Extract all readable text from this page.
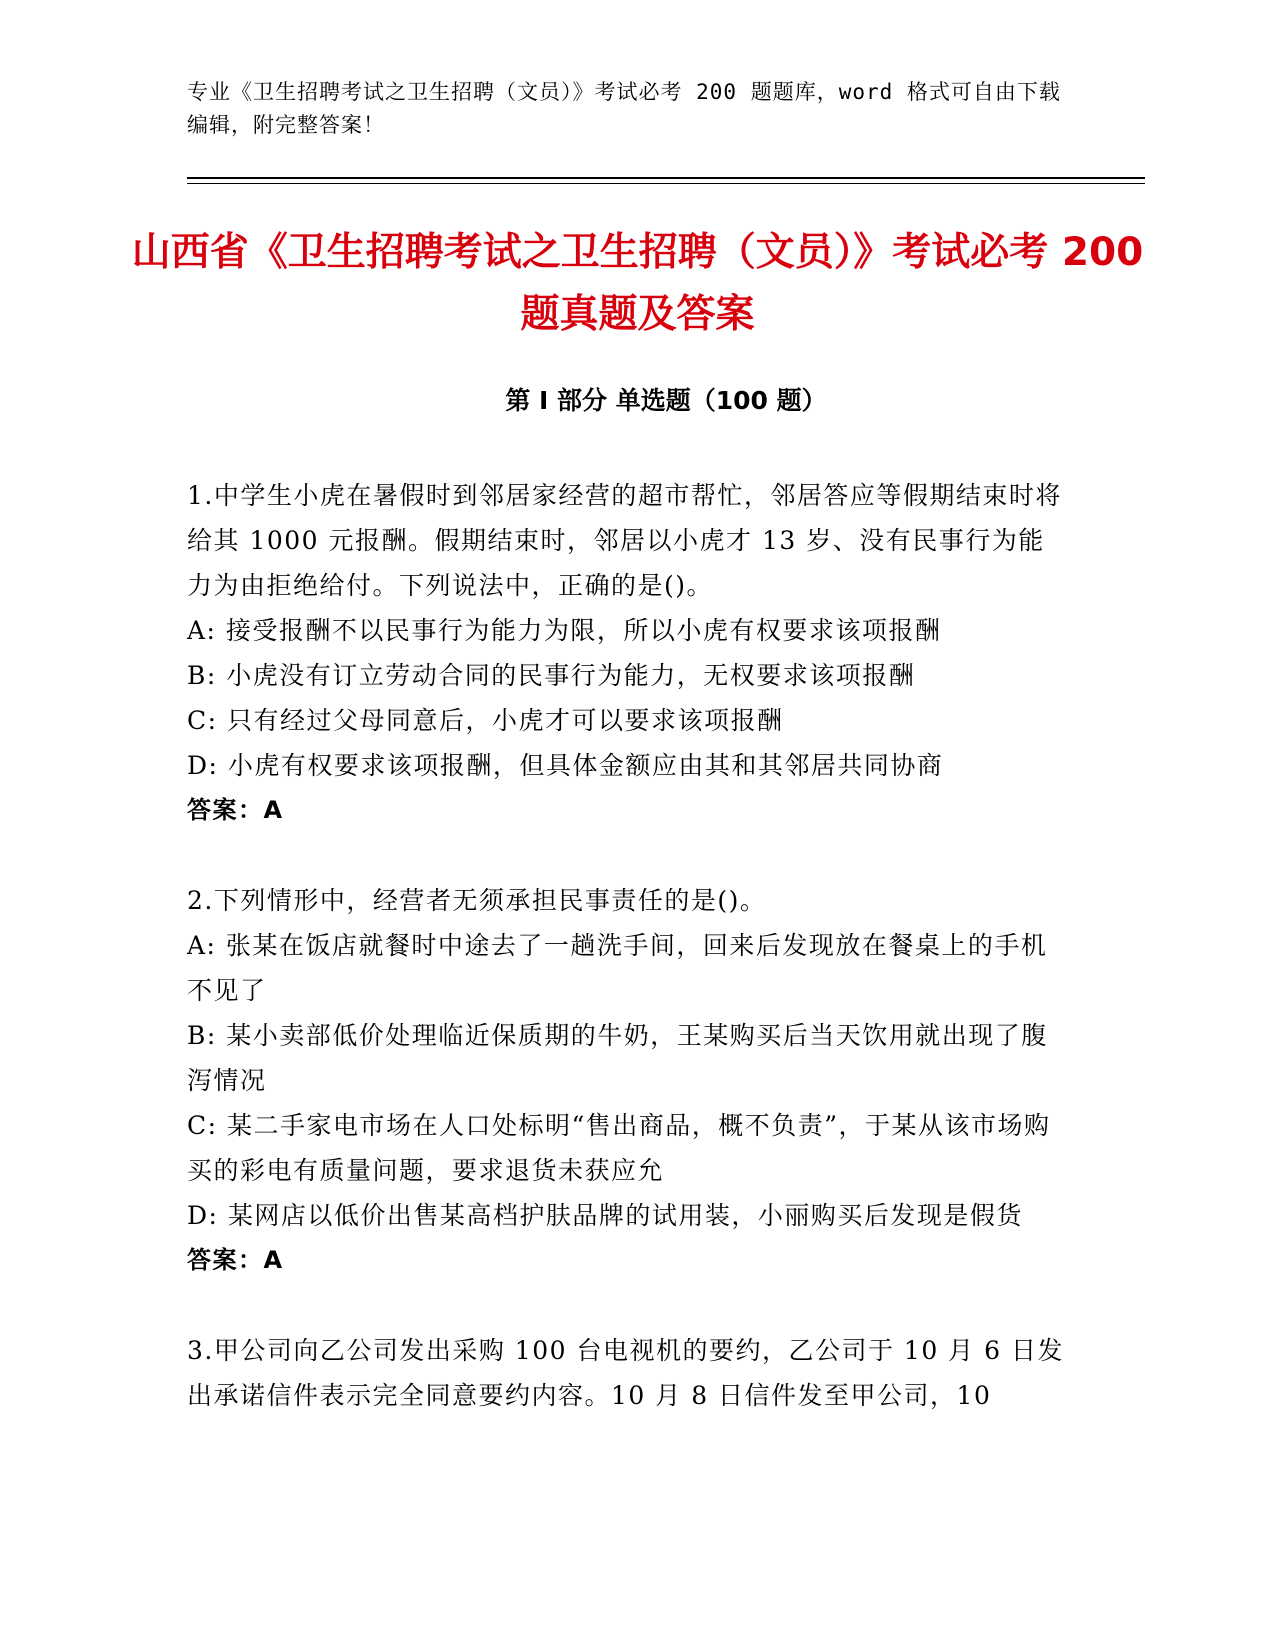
专业《卫生招聘考试之卫生招聘（文员）》考试必考 200 题题库，word 格式可自由下载编辑，附完整答案！

山西省《卫生招聘考试之卫生招聘（文员）》考试必考 200 题真题及答案
第 I 部分 单选题（100 题）

1.中学生小虎在暑假时到邻居家经营的超市帮忙，邻居答应等假期结束时将给其 1000 元报酬。假期结束时，邻居以小虎才 13 岁、没有民事行为能力为由拒绝给付。下列说法中，正确的是()。

A: 接受报酬不以民事行为能力为限，所以小虎有权要求该项报酬

B: 小虎没有订立劳动合同的民事行为能力，无权要求该项报酬

C: 只有经过父母同意后，小虎才可以要求该项报酬

D: 小虎有权要求该项报酬，但具体金额应由其和其邻居共同协商

答案：A

2.下列情形中，经营者无须承担民事责任的是()。

A: 张某在饭店就餐时中途去了一趟洗手间，回来后发现放在餐桌上的手机不见了

B: 某小卖部低价处理临近保质期的牛奶，王某购买后当天饮用就出现了腹泻情况

C: 某二手家电市场在人口处标明“售出商品，概不负责”，于某从该市场购买的彩电有质量问题，要求退货未获应允

D: 某网店以低价出售某高档护肤品牌的试用装，小丽购买后发现是假货

答案：A

3.甲公司向乙公司发出采购 100 台电视机的要约，乙公司于 10 月 6 日发出承诺信件表示完全同意要约内容。10 月 8 日信件发至甲公司，10
